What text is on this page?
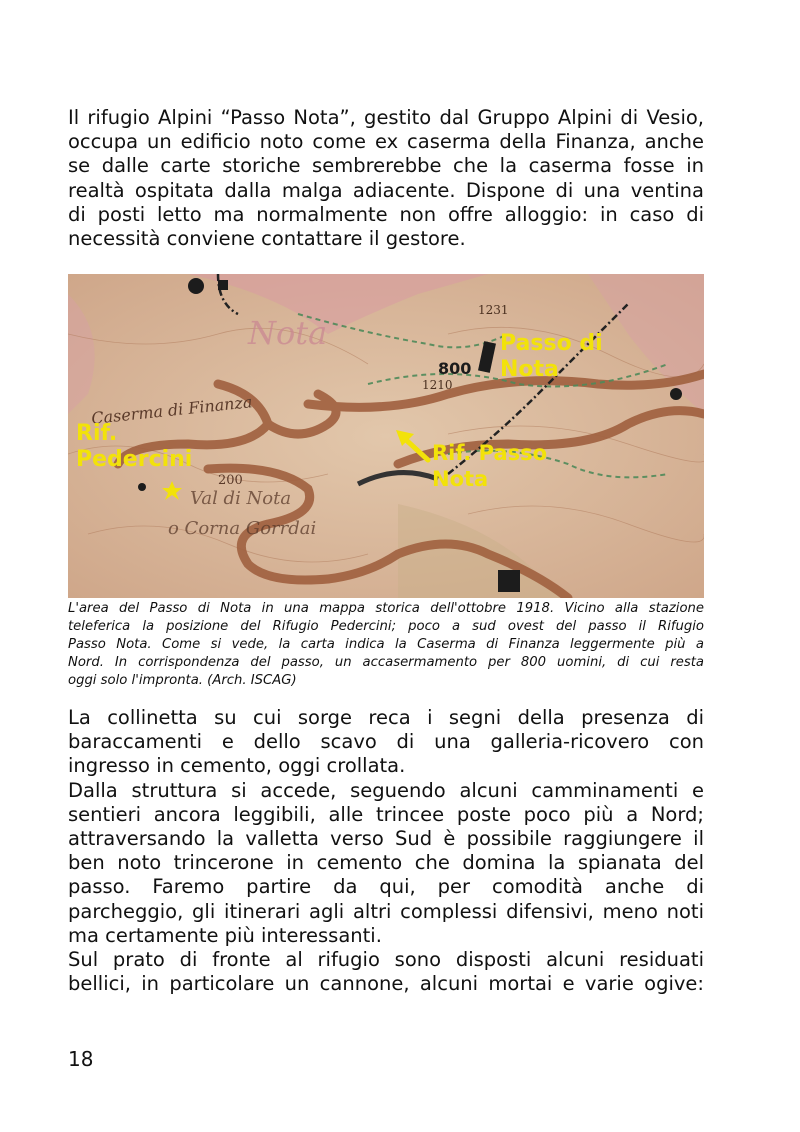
Il rifugio Alpini “Passo Nota”, gestito dal Gruppo Alpini di Vesio,
occupa un edificio noto come ex caserma della Finanza, anche
se dalle carte storiche sembrerebbe che la caserma fosse in
realtà ospitata dalla malga adiacente. Dispone di una ventina
di posti letto ma normalmente non offre alloggio: in caso di
necessità conviene contattare il gestore.
Nota
Caserma di Finanza
200
Val di Nota
o Corna Gorrdai
800
1210
1231
Passo di
Nota
Rif.
Pedercini	Rif. Passo
Nota
L'area del Passo di Nota in una mappa storica dell'ottobre 1918. Vicino alla stazione
teleferica la posizione del Rifugio Pedercini; poco a sud ovest del passo il Rifugio
Passo Nota. Come si vede, la carta indica la Caserma di Finanza leggermente più a
Nord. In corrispondenza del passo, un accasermamento per 800 uomini, di cui resta
oggi solo l'impronta. (Arch. ISCAG)
La collinetta su cui sorge reca i segni della presenza di
baraccamenti e dello scavo di una galleria-ricovero con
ingresso in cemento, oggi crollata.
Dalla struttura si accede, seguendo alcuni camminamenti e
sentieri ancora leggibili, alle trincee poste poco più a Nord;
attraversando la valletta verso Sud è possibile raggiungere il
ben noto trincerone in cemento che domina la spianata del
passo. Faremo partire da qui, per comodità anche di
parcheggio, gli itinerari agli altri complessi difensivi, meno noti
ma certamente più interessanti.
Sul prato di fronte al rifugio sono disposti alcuni residuati
bellici, in particolare un cannone, alcuni mortai e varie ogive:
18
